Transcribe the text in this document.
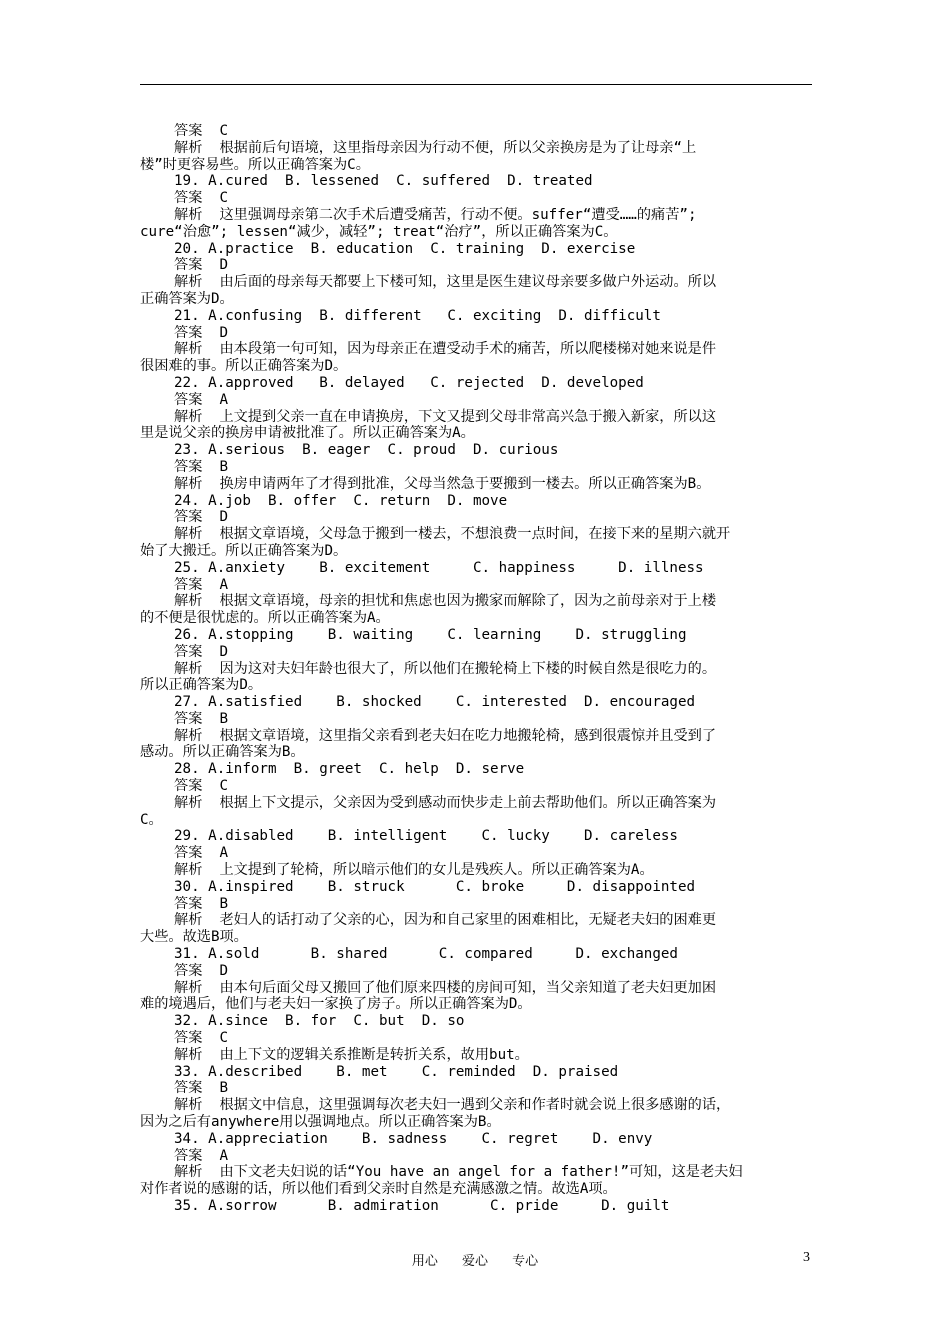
答案  C
解析  根据前后句语境，这里指母亲因为行动不便，所以父亲换房是为了让母亲“上
楼”时更容易些。所以正确答案为C。
19. A.cured  B. lessened  C. suffered  D. treated
答案  C
解析  这里强调母亲第二次手术后遭受痛苦，行动不便。suffer“遭受……的痛苦”;
cure“治愈”; lessen“减少，减轻”; treat“治疗”，所以正确答案为C。
20. A.practice  B. education  C. training  D. exercise
答案  D
解析  由后面的母亲每天都要上下楼可知，这里是医生建议母亲要多做户外运动。所以
正确答案为D。
21. A.confusing  B. different   C. exciting  D. difficult
答案  D
解析  由本段第一句可知，因为母亲正在遭受动手术的痛苦，所以爬楼梯对她来说是件
很困难的事。所以正确答案为D。
22. A.approved   B. delayed   C. rejected  D. developed
答案  A
解析  上文提到父亲一直在申请换房，下文又提到父母非常高兴急于搬入新家，所以这
里是说父亲的换房申请被批准了。所以正确答案为A。
23. A.serious  B. eager  C. proud  D. curious
答案  B
解析  换房申请两年了才得到批准，父母当然急于要搬到一楼去。所以正确答案为B。
24. A.job  B. offer  C. return  D. move
答案  D
解析  根据文章语境，父母急于搬到一楼去，不想浪费一点时间，在接下来的星期六就开
始了大搬迁。所以正确答案为D。
25. A.anxiety    B. excitement     C. happiness     D. illness
答案  A
解析  根据文章语境，母亲的担忧和焦虑也因为搬家而解除了，因为之前母亲对于上楼
的不便是很忧虑的。所以正确答案为A。
26. A.stopping    B. waiting    C. learning    D. struggling
答案  D
解析  因为这对夫妇年龄也很大了，所以他们在搬轮椅上下楼的时候自然是很吃力的。
所以正确答案为D。
27. A.satisfied    B. shocked    C. interested  D. encouraged
答案  B
解析  根据文章语境，这里指父亲看到老夫妇在吃力地搬轮椅，感到很震惊并且受到了
感动。所以正确答案为B。
28. A.inform  B. greet  C. help  D. serve
答案  C
解析  根据上下文提示，父亲因为受到感动而快步走上前去帮助他们。所以正确答案为
C。
29. A.disabled    B. intelligent    C. lucky    D. careless
答案  A
解析  上文提到了轮椅，所以暗示他们的女儿是残疾人。所以正确答案为A。
30. A.inspired    B. struck      C. broke     D. disappointed
答案  B
解析  老妇人的话打动了父亲的心，因为和自己家里的困难相比，无疑老夫妇的困难更
大些。故选B项。
31. A.sold      B. shared      C. compared     D. exchanged
答案  D
解析  由本句后面父母又搬回了他们原来四楼的房间可知，当父亲知道了老夫妇更加困
难的境遇后，他们与老夫妇一家换了房子。所以正确答案为D。
32. A.since  B. for  C. but  D. so
答案  C
解析  由上下文的逻辑关系推断是转折关系，故用but。
33. A.described    B. met    C. reminded  D. praised
答案  B
解析  根据文中信息，这里强调每次老夫妇一遇到父亲和作者时就会说上很多感谢的话，
因为之后有anywhere用以强调地点。所以正确答案为B。
34. A.appreciation    B. sadness    C. regret    D. envy
答案  A
解析  由下文老夫妇说的话“You have an angel for a father!”可知，这是老夫妇
对作者说的感谢的话，所以他们看到父亲时自然是充满感激之情。故选A项。
35. A.sorrow      B. admiration      C. pride     D. guilt
用心 爱心 专心	3
